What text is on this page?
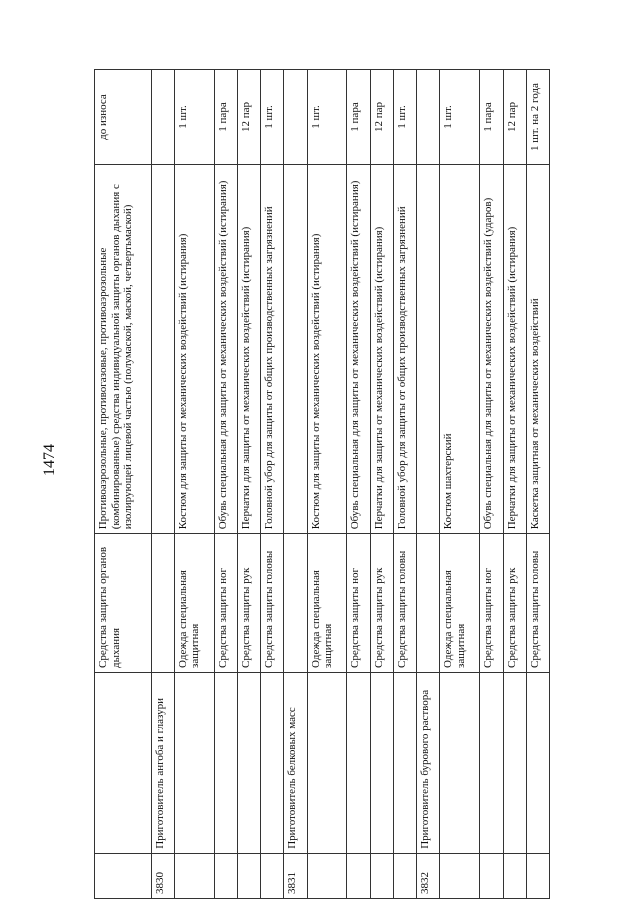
1474
		Средства защиты органов дыхания	Противоаэрозольные, противогазовые, противоаэрозольные (комбинированные) средства индивидуальной защиты органов дыхания с изолирующей лицевой частью (полумаской, маской, четвертьмаской)	до износа
3830	Приготовитель ангоба и глазури			
		Одежда специальная защитная	Костюм для защиты от механических воздействий (истирания)	1 шт.
		Средства защиты ног	Обувь специальная для защиты от механических воздействий (истирания)	1 пара
		Средства защиты рук	Перчатки для защиты от механических воздействий (истирания)	12 пар
		Средства защиты головы	Головной убор для защиты от общих производственных загрязнений	1 шт.
3831	Приготовитель белковых масс			
		Одежда специальная защитная	Костюм для защиты от механических воздействий (истирания)	1 шт.
		Средства защиты ног	Обувь специальная для защиты от механических воздействий (истирания)	1 пара
		Средства защиты рук	Перчатки для защиты от механических воздействий (истирания)	12 пар
		Средства защиты головы	Головной убор для защиты от общих производственных загрязнений	1 шт.
3832	Приготовитель бурового раствора			
		Одежда специальная защитная	Костюм шахтерский	1 шт.
		Средства защиты ног	Обувь специальная для защиты от механических воздействий (ударов)	1 пара
		Средства защиты рук	Перчатки для защиты от механических воздействий (истирания)	12 пар
		Средства защиты головы	Каскетка защитная от механических воздействий	1 шт. на 2 года
